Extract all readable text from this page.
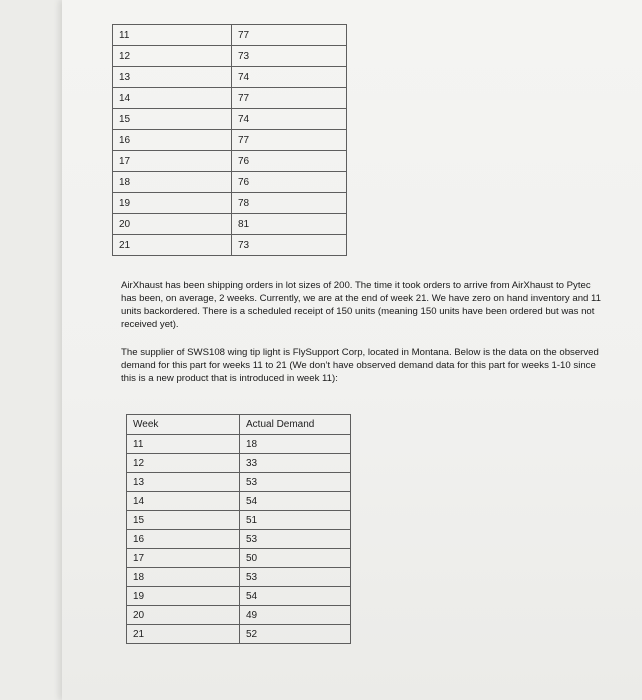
11	77
12	73
13	74
14	77
15	74
16	77
17	76
18	76
19	78
20	81
21	73

AirXhaust has been shipping orders in lot sizes of 200. The time it took orders to arrive from AirXhaust to Pytec has been, on average, 2 weeks. Currently, we are at the end of week 21. We have zero on hand inventory and 11 units backordered. There is a scheduled receipt of 150 units (meaning 150 units have been ordered but was not received yet).

The supplier of SWS108 wing tip light is FlySupport Corp, located in Montana. Below is the data on the observed demand for this part for weeks 11 to 21 (We don’t have observed demand data for this part for weeks 1-10 since this is a new product that is introduced in week 11):

Week	Actual Demand
11	18
12	33
13	53
14	54
15	51
16	53
17	50
18	53
19	54
20	49
21	52
